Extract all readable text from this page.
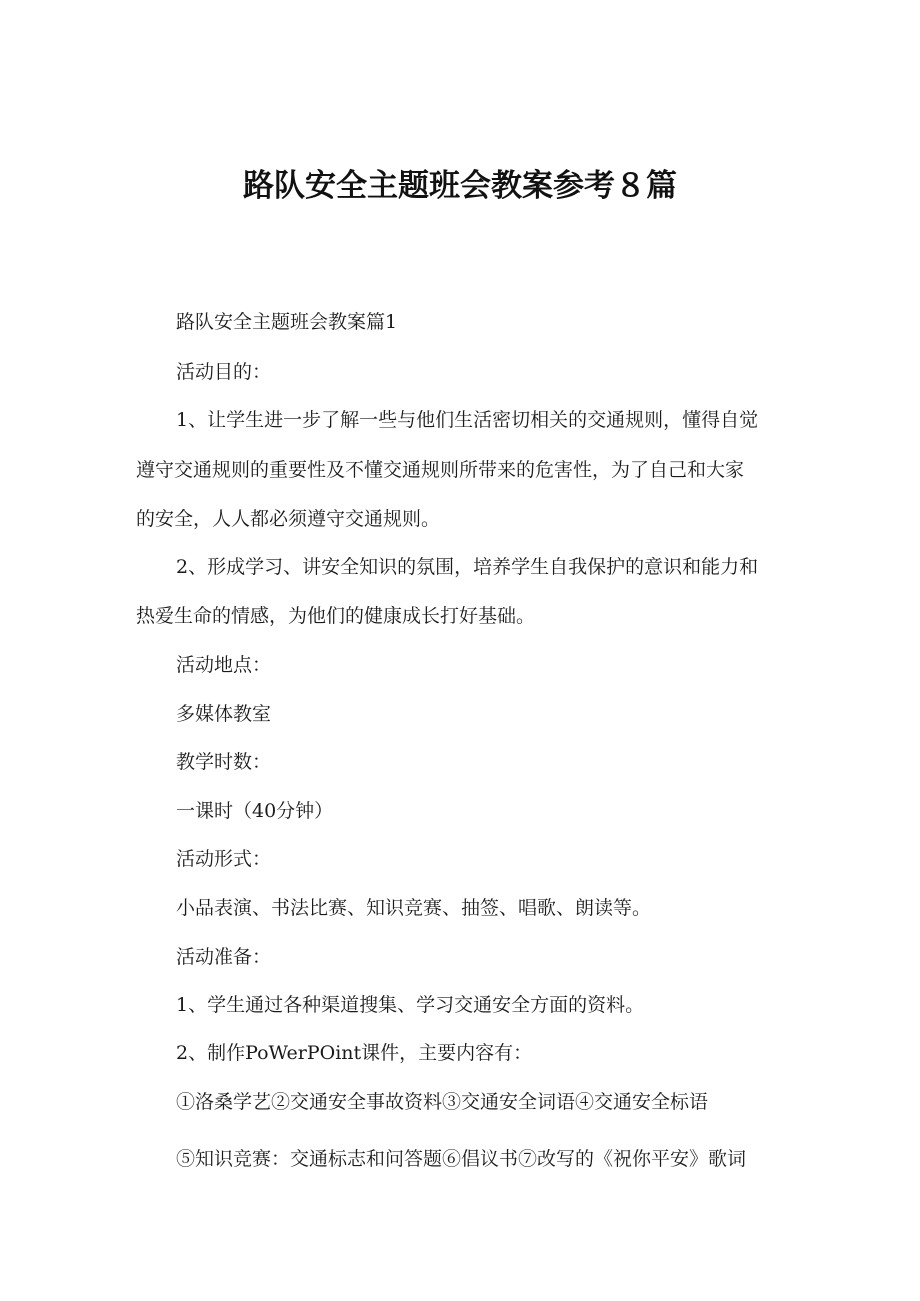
路队安全主题班会教案参考８篇
路队安全主题班会教案篇1
活动目的：
1、让学生进一步了解一些与他们生活密切相关的交通规则，懂得自觉
遵守交通规则的重要性及不懂交通规则所带来的危害性，为了自己和大家
的安全，人人都必须遵守交通规则。
2、形成学习、讲安全知识的氛围，培养学生自我保护的意识和能力和
热爱生命的情感，为他们的健康成长打好基础。
活动地点：
多媒体教室
教学时数：
一课时（40分钟）
活动形式：
小品表演、书法比赛、知识竞赛、抽签、唱歌、朗读等。
活动准备：
1、学生通过各种渠道搜集、学习交通安全方面的资料。
2、制作PoWerPOint课件，主要内容有：
①洛桑学艺②交通安全事故资料③交通安全词语④交通安全标语
⑤知识竞赛：交通标志和问答题⑥倡议书⑦改写的《祝你平安》歌词
